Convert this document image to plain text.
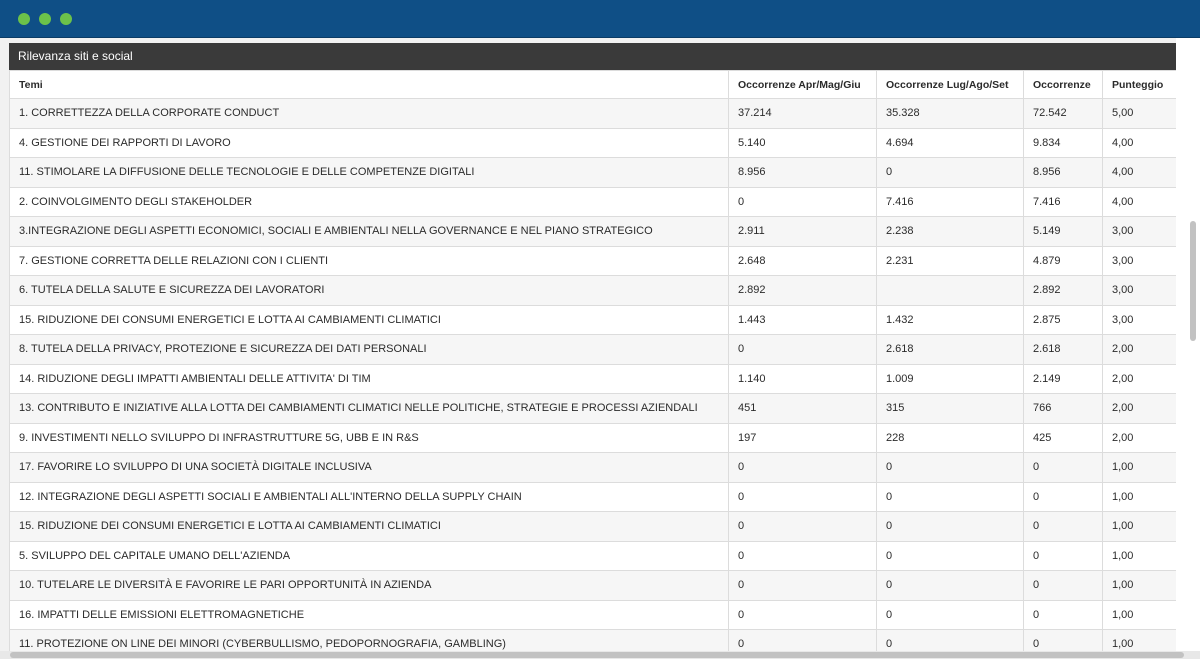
Rilevanza siti e social
Temi	Occorrenze Apr/Mag/Giu	Occorrenze Lug/Ago/Set	Occorrenze	Punteggio
1. CORRETTEZZA DELLA CORPORATE CONDUCT	37.214	35.328	72.542	5,00
4. GESTIONE DEI RAPPORTI DI LAVORO	5.140	4.694	9.834	4,00
11. STIMOLARE LA DIFFUSIONE DELLE TECNOLOGIE E DELLE COMPETENZE DIGITALI	8.956	0	8.956	4,00
2. COINVOLGIMENTO DEGLI STAKEHOLDER	0	7.416	7.416	4,00
3.INTEGRAZIONE DEGLI ASPETTI ECONOMICI, SOCIALI E AMBIENTALI NELLA GOVERNANCE E NEL PIANO STRATEGICO	2.911	2.238	5.149	3,00
7. GESTIONE CORRETTA DELLE RELAZIONI CON I CLIENTI	2.648	2.231	4.879	3,00
6. TUTELA DELLA SALUTE E SICUREZZA DEI LAVORATORI	2.892		2.892	3,00
15. RIDUZIONE DEI CONSUMI ENERGETICI E LOTTA AI CAMBIAMENTI CLIMATICI	1.443	1.432	2.875	3,00
8. TUTELA DELLA PRIVACY, PROTEZIONE E SICUREZZA DEI DATI PERSONALI	0	2.618	2.618	2,00
14. RIDUZIONE DEGLI IMPATTI AMBIENTALI DELLE ATTIVITA' DI TIM	1.140	1.009	2.149	2,00
13. CONTRIBUTO E INIZIATIVE ALLA LOTTA DEI CAMBIAMENTI CLIMATICI NELLE POLITICHE, STRATEGIE E PROCESSI AZIENDALI	451	315	766	2,00
9. INVESTIMENTI NELLO SVILUPPO DI INFRASTRUTTURE 5G, UBB E IN R&S	197	228	425	2,00
17. FAVORIRE LO SVILUPPO DI UNA SOCIETÀ DIGITALE INCLUSIVA	0	0	0	1,00
12. INTEGRAZIONE DEGLI ASPETTI SOCIALI E AMBIENTALI ALL'INTERNO DELLA SUPPLY CHAIN	0	0	0	1,00
15. RIDUZIONE DEI CONSUMI ENERGETICI E LOTTA AI CAMBIAMENTI CLIMATICI	0	0	0	1,00
5. SVILUPPO DEL CAPITALE UMANO DELL'AZIENDA	0	0	0	1,00
10. TUTELARE LE DIVERSITÀ E FAVORIRE LE PARI OPPORTUNITÀ IN AZIENDA	0	0	0	1,00
16. IMPATTI DELLE EMISSIONI ELETTROMAGNETICHE	0	0	0	1,00
11. PROTEZIONE ON LINE DEI MINORI (CYBERBULLISMO, PEDOPORNOGRAFIA, GAMBLING)	0	0	0	1,00
